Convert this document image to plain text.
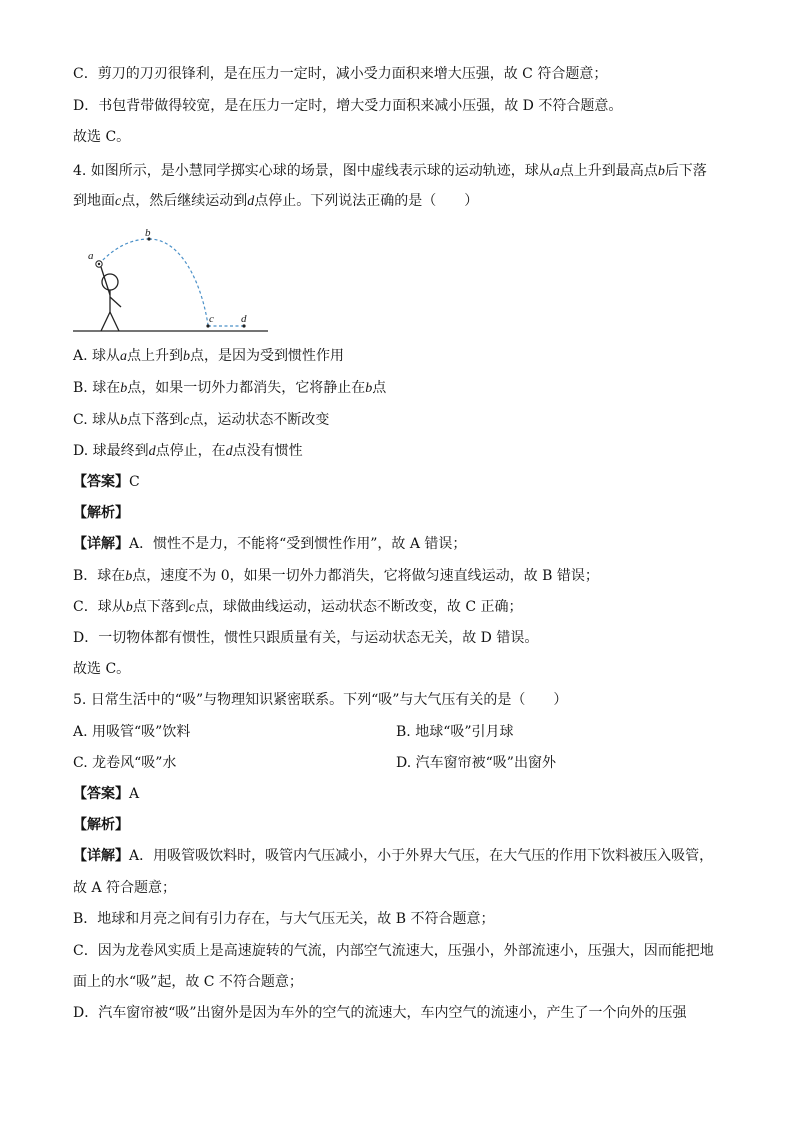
C．剪刀的刀刃很锋利，是在压力一定时，减小受力面积来增大压强，故 C 符合题意；
D．书包背带做得较宽，是在压力一定时，增大受力面积来减小压强，故 D 不符合题意。
故选 C。
4. 如图所示，是小慧同学掷实心球的场景，图中虚线表示球的运动轨迹，球从a点上升到最高点b后下落
到地面c点，然后继续运动到d点停止。下列说法正确的是（　　）
a
b
c d
A. 球从a点上升到b点，是因为受到惯性作用
B. 球在b点，如果一切外力都消失，它将静止在b点
C. 球从b点下落到c点，运动状态不断改变
D. 球最终到d点停止，在d点没有惯性
【答案】C
【解析】
【详解】A．惯性不是力，不能将“受到惯性作用”，故 A 错误；
B．球在b点，速度不为 0，如果一切外力都消失，它将做匀速直线运动，故 B 错误；
C．球从b点下落到c点，球做曲线运动，运动状态不断改变，故 C 正确；
D．一切物体都有惯性，惯性只跟质量有关，与运动状态无关，故 D 错误。
故选 C。
5. 日常生活中的“吸”与物理知识紧密联系。下列“吸”与大气压有关的是（　　）
A. 用吸管“吸”饮料	B. 地球“吸”引月球
C. 龙卷风“吸”水	D. 汽车窗帘被“吸”出窗外
【答案】A
【解析】
【详解】A．用吸管吸饮料时，吸管内气压减小，小于外界大气压，在大气压的作用下饮料被压入吸管，
故 A 符合题意；
B．地球和月亮之间有引力存在，与大气压无关，故 B 不符合题意；
C．因为龙卷风实质上是高速旋转的气流，内部空气流速大，压强小，外部流速小，压强大，因而能把地
面上的水“吸”起，故 C 不符合题意；
D．汽车窗帘被“吸”出窗外是因为车外的空气的流速大，车内空气的流速小，产生了一个向外的压强
